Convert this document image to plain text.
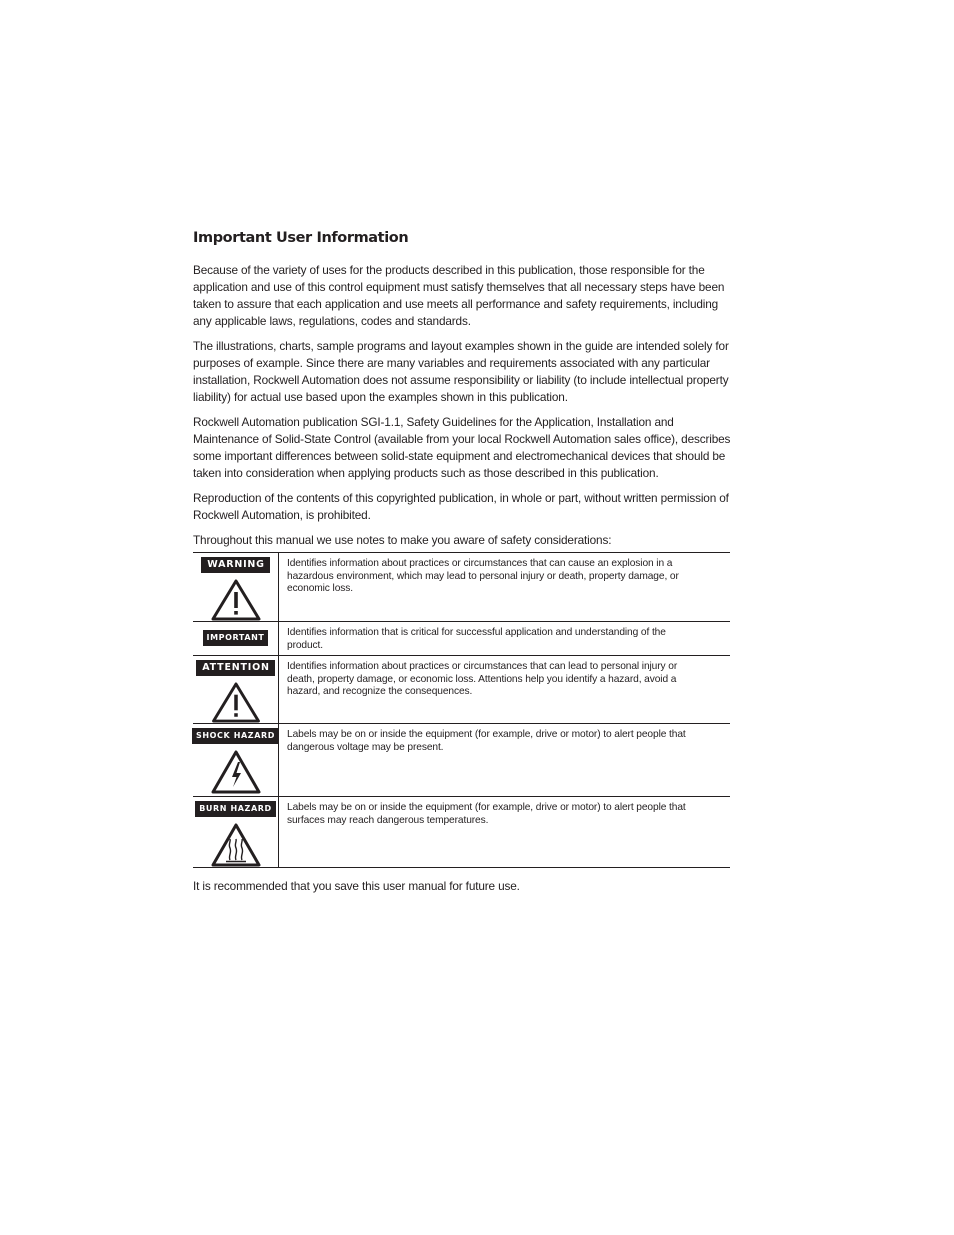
Important User Information

Because of the variety of uses for the products described in this publication, those responsible for the application and use of this control equipment must satisfy themselves that all necessary steps have been taken to assure that each application and use meets all performance and safety requirements, including any applicable laws, regulations, codes and standards.

The illustrations, charts, sample programs and layout examples shown in the guide are intended solely for purposes of example. Since there are many variables and requirements associated with any particular installation, Rockwell Automation does not assume responsibility or liability (to include intellectual property liability) for actual use based upon the examples shown in this publication.

Rockwell Automation publication SGI-1.1, Safety Guidelines for the Application, Installation and Maintenance of Solid-State Control (available from your local Rockwell Automation sales office), describes some important differences between solid-state equipment and electromechanical devices that should be taken into consideration when applying products such as those described in this publication.

Reproduction of the contents of this copyrighted publication, in whole or part, without written permission of Rockwell Automation, is prohibited.

Throughout this manual we use notes to make you aware of safety considerations:

WARNING	Identifies information about practices or circumstances that can cause an explosion in a hazardous environment, which may lead to personal injury or death, property damage, or economic loss.
IMPORTANT	Identifies information that is critical for successful application and understanding of the product.
ATTENTION	Identifies information about practices or circumstances that can lead to personal injury or death, property damage, or economic loss. Attentions help you identify a hazard, avoid a hazard, and recognize the consequences.
SHOCK HAZARD	Labels may be on or inside the equipment (for example, drive or motor) to alert people that dangerous voltage may be present.
BURN HAZARD	Labels may be on or inside the equipment (for example, drive or motor) to alert people that surfaces may reach dangerous temperatures.

It is recommended that you save this user manual for future use.
